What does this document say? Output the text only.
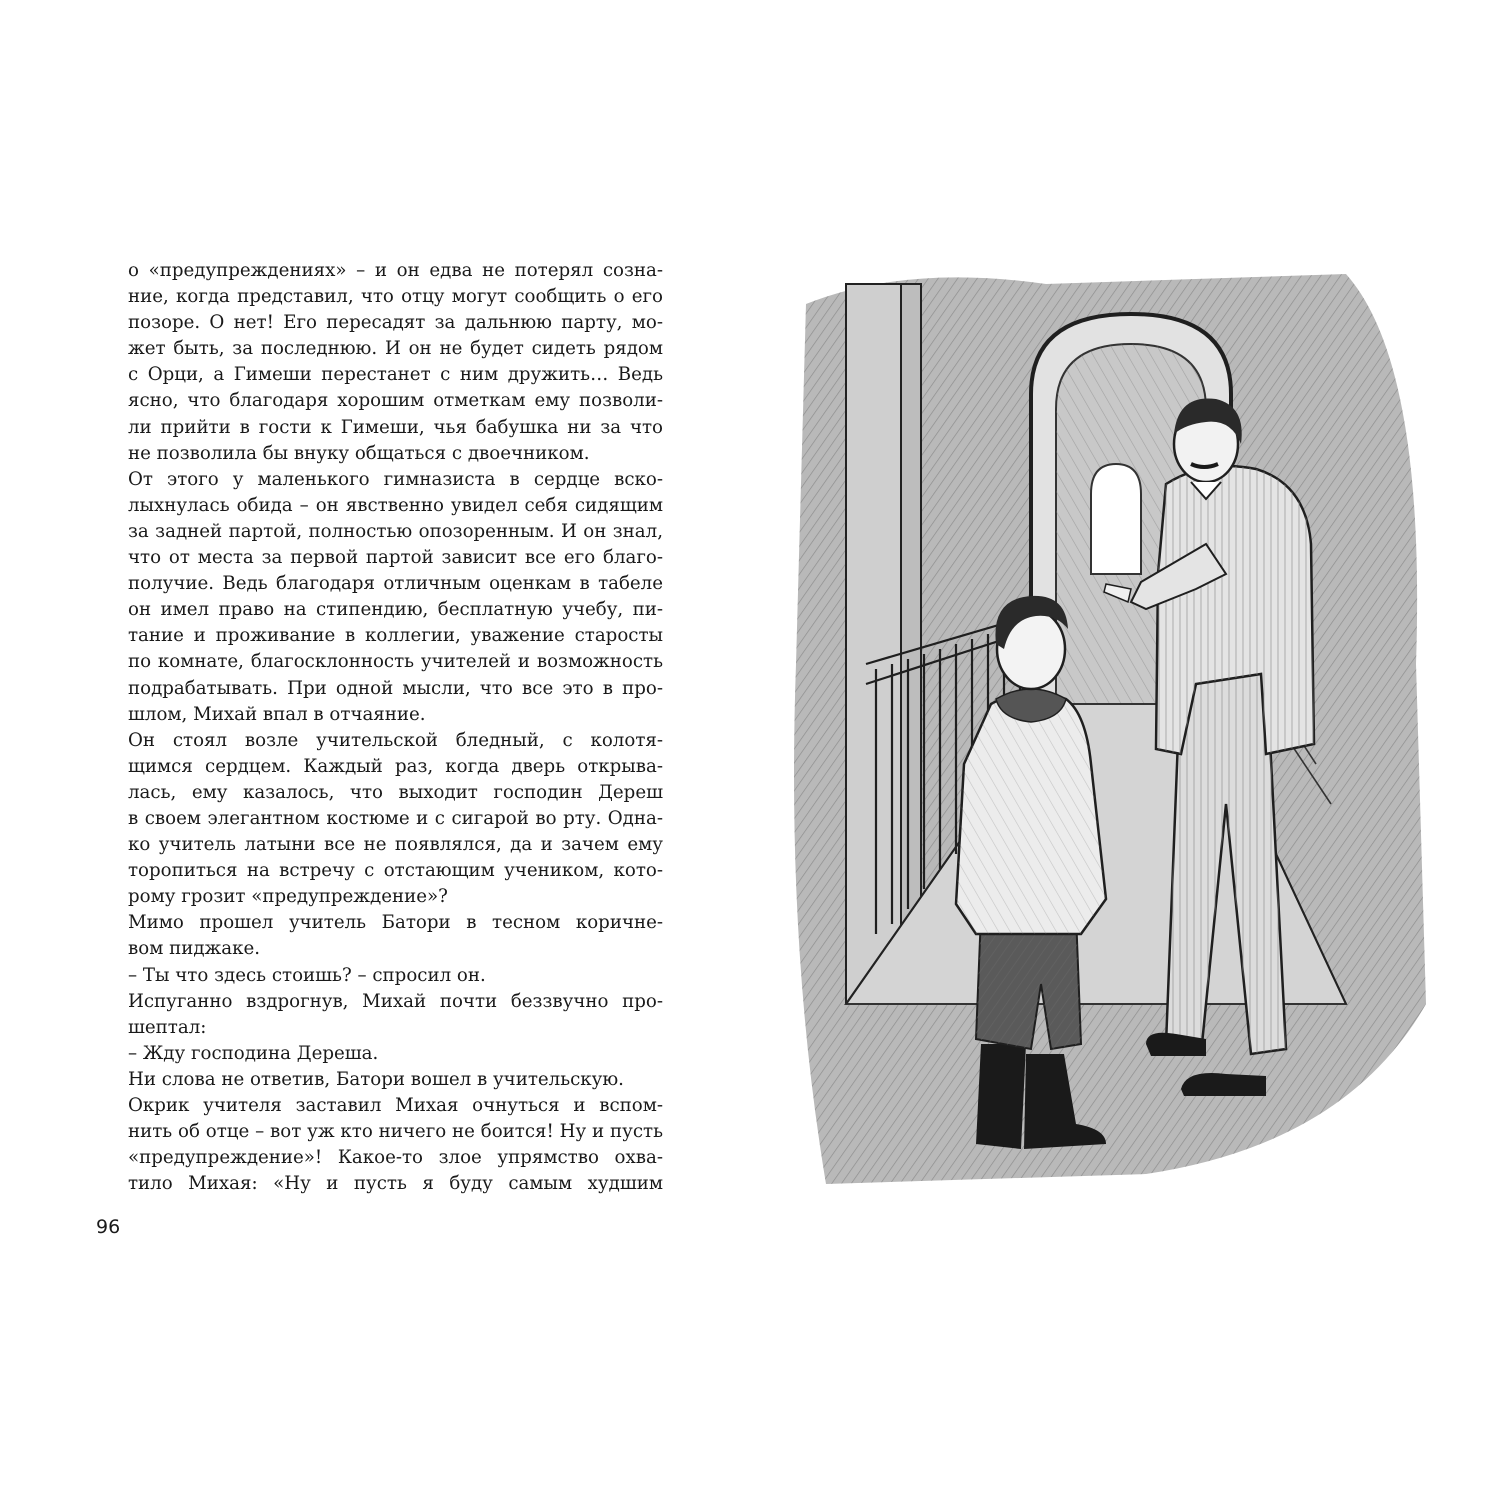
о «предупреждениях» – и он едва не потерял созна-
ние, когда представил, что отцу могут сообщить о его
позоре. О нет! Его пересадят за дальнюю парту, мо-
жет быть, за последнюю. И он не будет сидеть рядом
с Орци, а Гимеши перестанет с ним дружить… Ведь
ясно, что благодаря хорошим отметкам ему позволи-
ли прийти в гости к Гимеши, чья бабушка ни за что
не позволила бы внуку общаться с двоечником.
От этого у маленького гимназиста в сердце вско-
лыхнулась обида – он явственно увидел себя сидящим
за задней партой, полностью опозоренным. И он знал,
что от места за первой партой зависит все его благо-
получие. Ведь благодаря отличным оценкам в табеле
он имел право на стипендию, бесплатную учебу, пи-
тание и проживание в коллегии, уважение старосты
по комнате, благосклонность учителей и возможность
подрабатывать. При одной мысли, что все это в про-
шлом, Михай впал в отчаяние.
Он стоял возле учительской бледный, с колотя-
щимся сердцем. Каждый раз, когда дверь открыва-
лась, ему казалось, что выходит господин Дереш
в своем элегантном костюме и с сигарой во рту. Одна-
ко учитель латыни все не появлялся, да и зачем ему
торопиться на встречу с отстающим учеником, кото-
рому грозит «предупреждение»?
Мимо прошел учитель Батори в тесном коричне-
вом пиджаке.
– Ты что здесь стоишь? – спросил он.
Испуганно вздрогнув, Михай почти беззвучно про-
шептал:
– Жду господина Дереша.
Ни слова не ответив, Батори вошел в учительскую.
Окрик учителя заставил Михая очнуться и вспом-
нить об отце – вот уж кто ничего не боится! Ну и пусть
«предупреждение»! Какое-то злое упрямство охва-
тило Михая: «Ну и пусть я буду самым худшим
96
